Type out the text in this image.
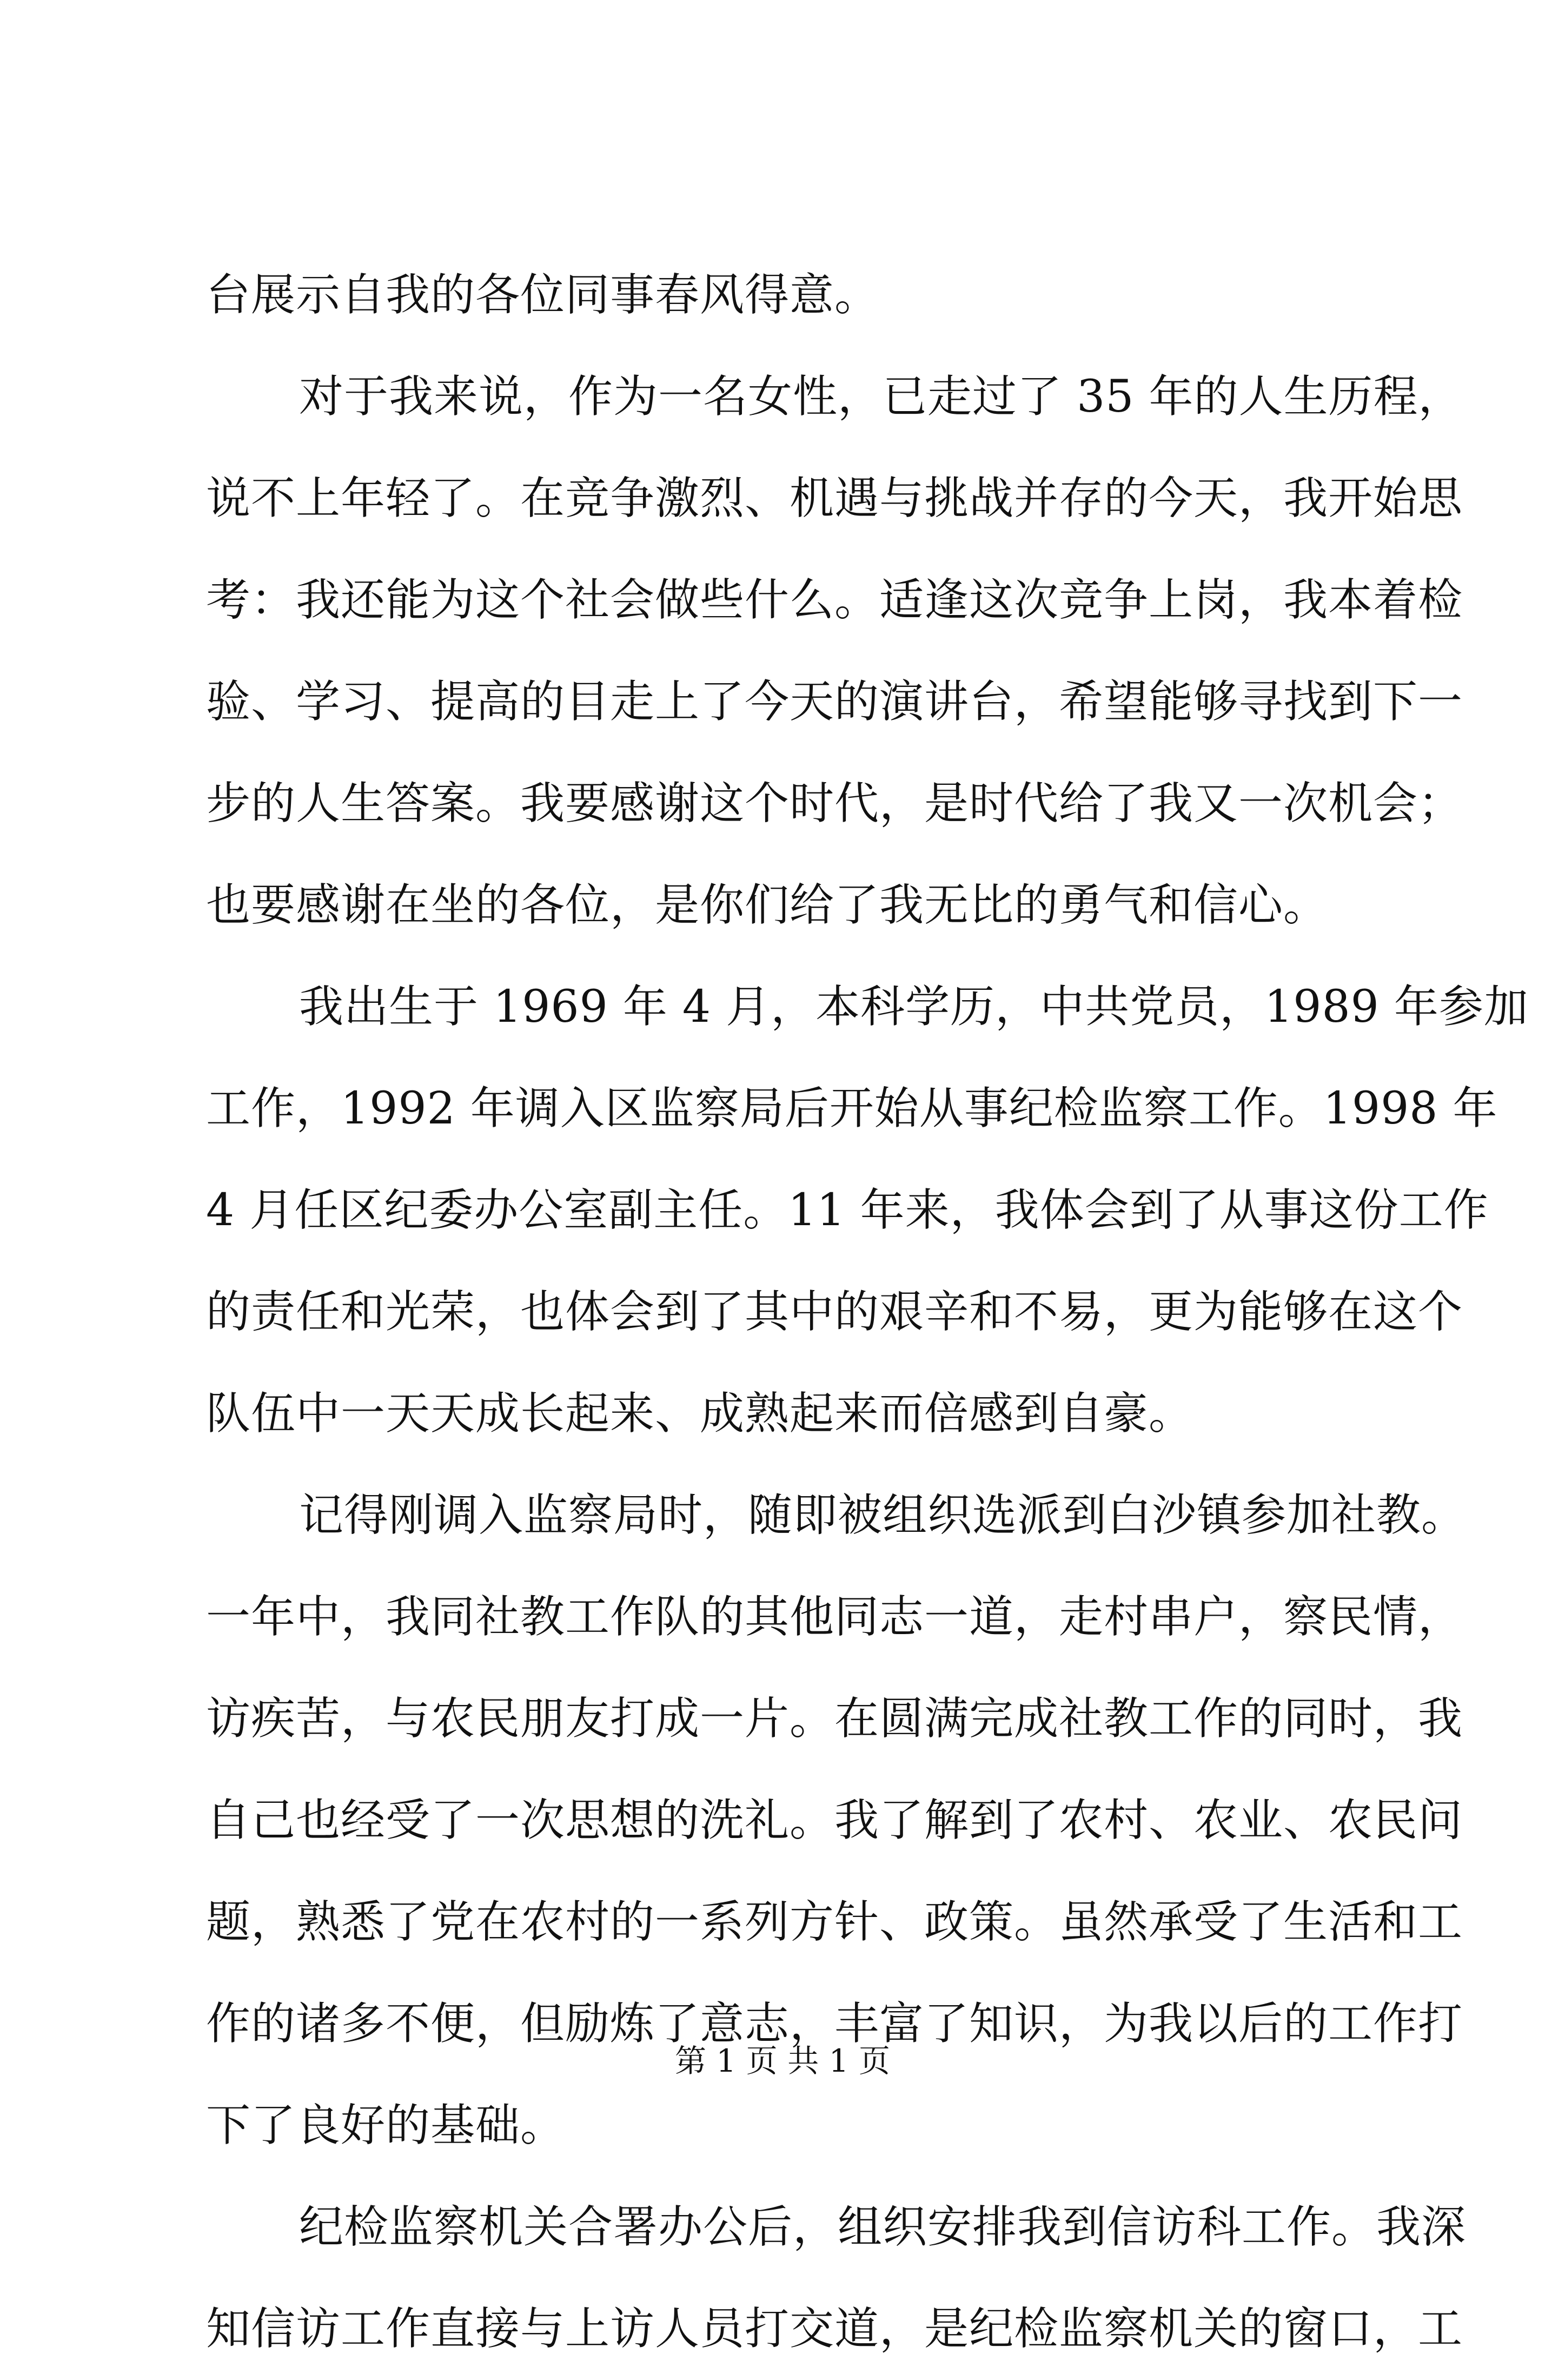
台展示自我的各位同事春风得意。
对于我来说，作为一名女性，已走过了 35 年的人生历程，
说不上年轻了。在竞争激烈、机遇与挑战并存的今天，我开始思
考：我还能为这个社会做些什么。适逢这次竞争上岗，我本着检
验、学习、提高的目走上了今天的演讲台，希望能够寻找到下一
步的人生答案。我要感谢这个时代，是时代给了我又一次机会；
也要感谢在坐的各位，是你们给了我无比的勇气和信心。
我出生于 1969 年 4 月，本科学历，中共党员，1989 年参加
工作，1992 年调入区监察局后开始从事纪检监察工作。1998 年
4 月任区纪委办公室副主任。11 年来，我体会到了从事这份工作
的责任和光荣，也体会到了其中的艰辛和不易，更为能够在这个
队伍中一天天成长起来、成熟起来而倍感到自豪。
记得刚调入监察局时，随即被组织选派到白沙镇参加社教。
一年中，我同社教工作队的其他同志一道，走村串户，察民情，
访疾苦，与农民朋友打成一片。在圆满完成社教工作的同时，我
自己也经受了一次思想的洗礼。我了解到了农村、农业、农民问
题，熟悉了党在农村的一系列方针、政策。虽然承受了生活和工
作的诸多不便，但励炼了意志，丰富了知识，为我以后的工作打
下了良好的基础。
纪检监察机关合署办公后，组织安排我到信访科工作。我深
知信访工作直接与上访人员打交道，是纪检监察机关的窗口，工
第 1 页 共 1 页
